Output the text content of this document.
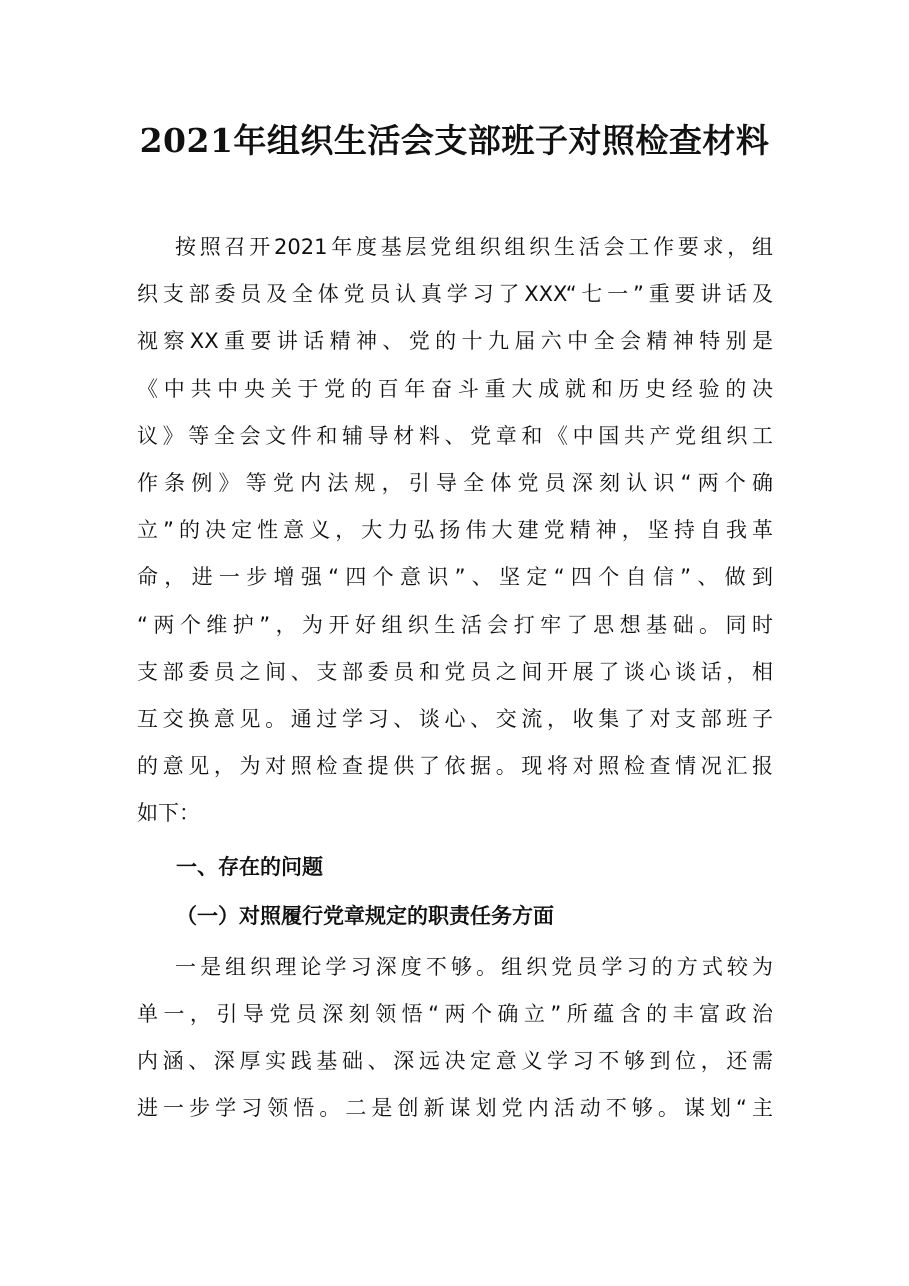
2021年组织生活会支部班子对照检查材料
按照召开2021年度基层党组织组织生活会工作要求，组
织支部委员及全体党员认真学习了XXX“七一”重要讲话及
视察XX重要讲话精神、党的十九届六中全会精神特别是
《中共中央关于党的百年奋斗重大成就和历史经验的决
议》等全会文件和辅导材料、党章和《中国共产党组织工
作条例》等党内法规，引导全体党员深刻认识“两个确
立”的决定性意义，大力弘扬伟大建党精神，坚持自我革
命，进一步增强“四个意识”、坚定“四个自信”、做到
“两个维护”，为开好组织生活会打牢了思想基础。同时
支部委员之间、支部委员和党员之间开展了谈心谈话，相
互交换意见。通过学习、谈心、交流，收集了对支部班子
的意见，为对照检查提供了依据。现将对照检查情况汇报
如下：
一、存在的问题
（一）对照履行党章规定的职责任务方面
一是组织理论学习深度不够。组织党员学习的方式较为
单一，引导党员深刻领悟“两个确立”所蕴含的丰富政治
内涵、深厚实践基础、深远决定意义学习不够到位，还需
进一步学习领悟。二是创新谋划党内活动不够。谋划“主
